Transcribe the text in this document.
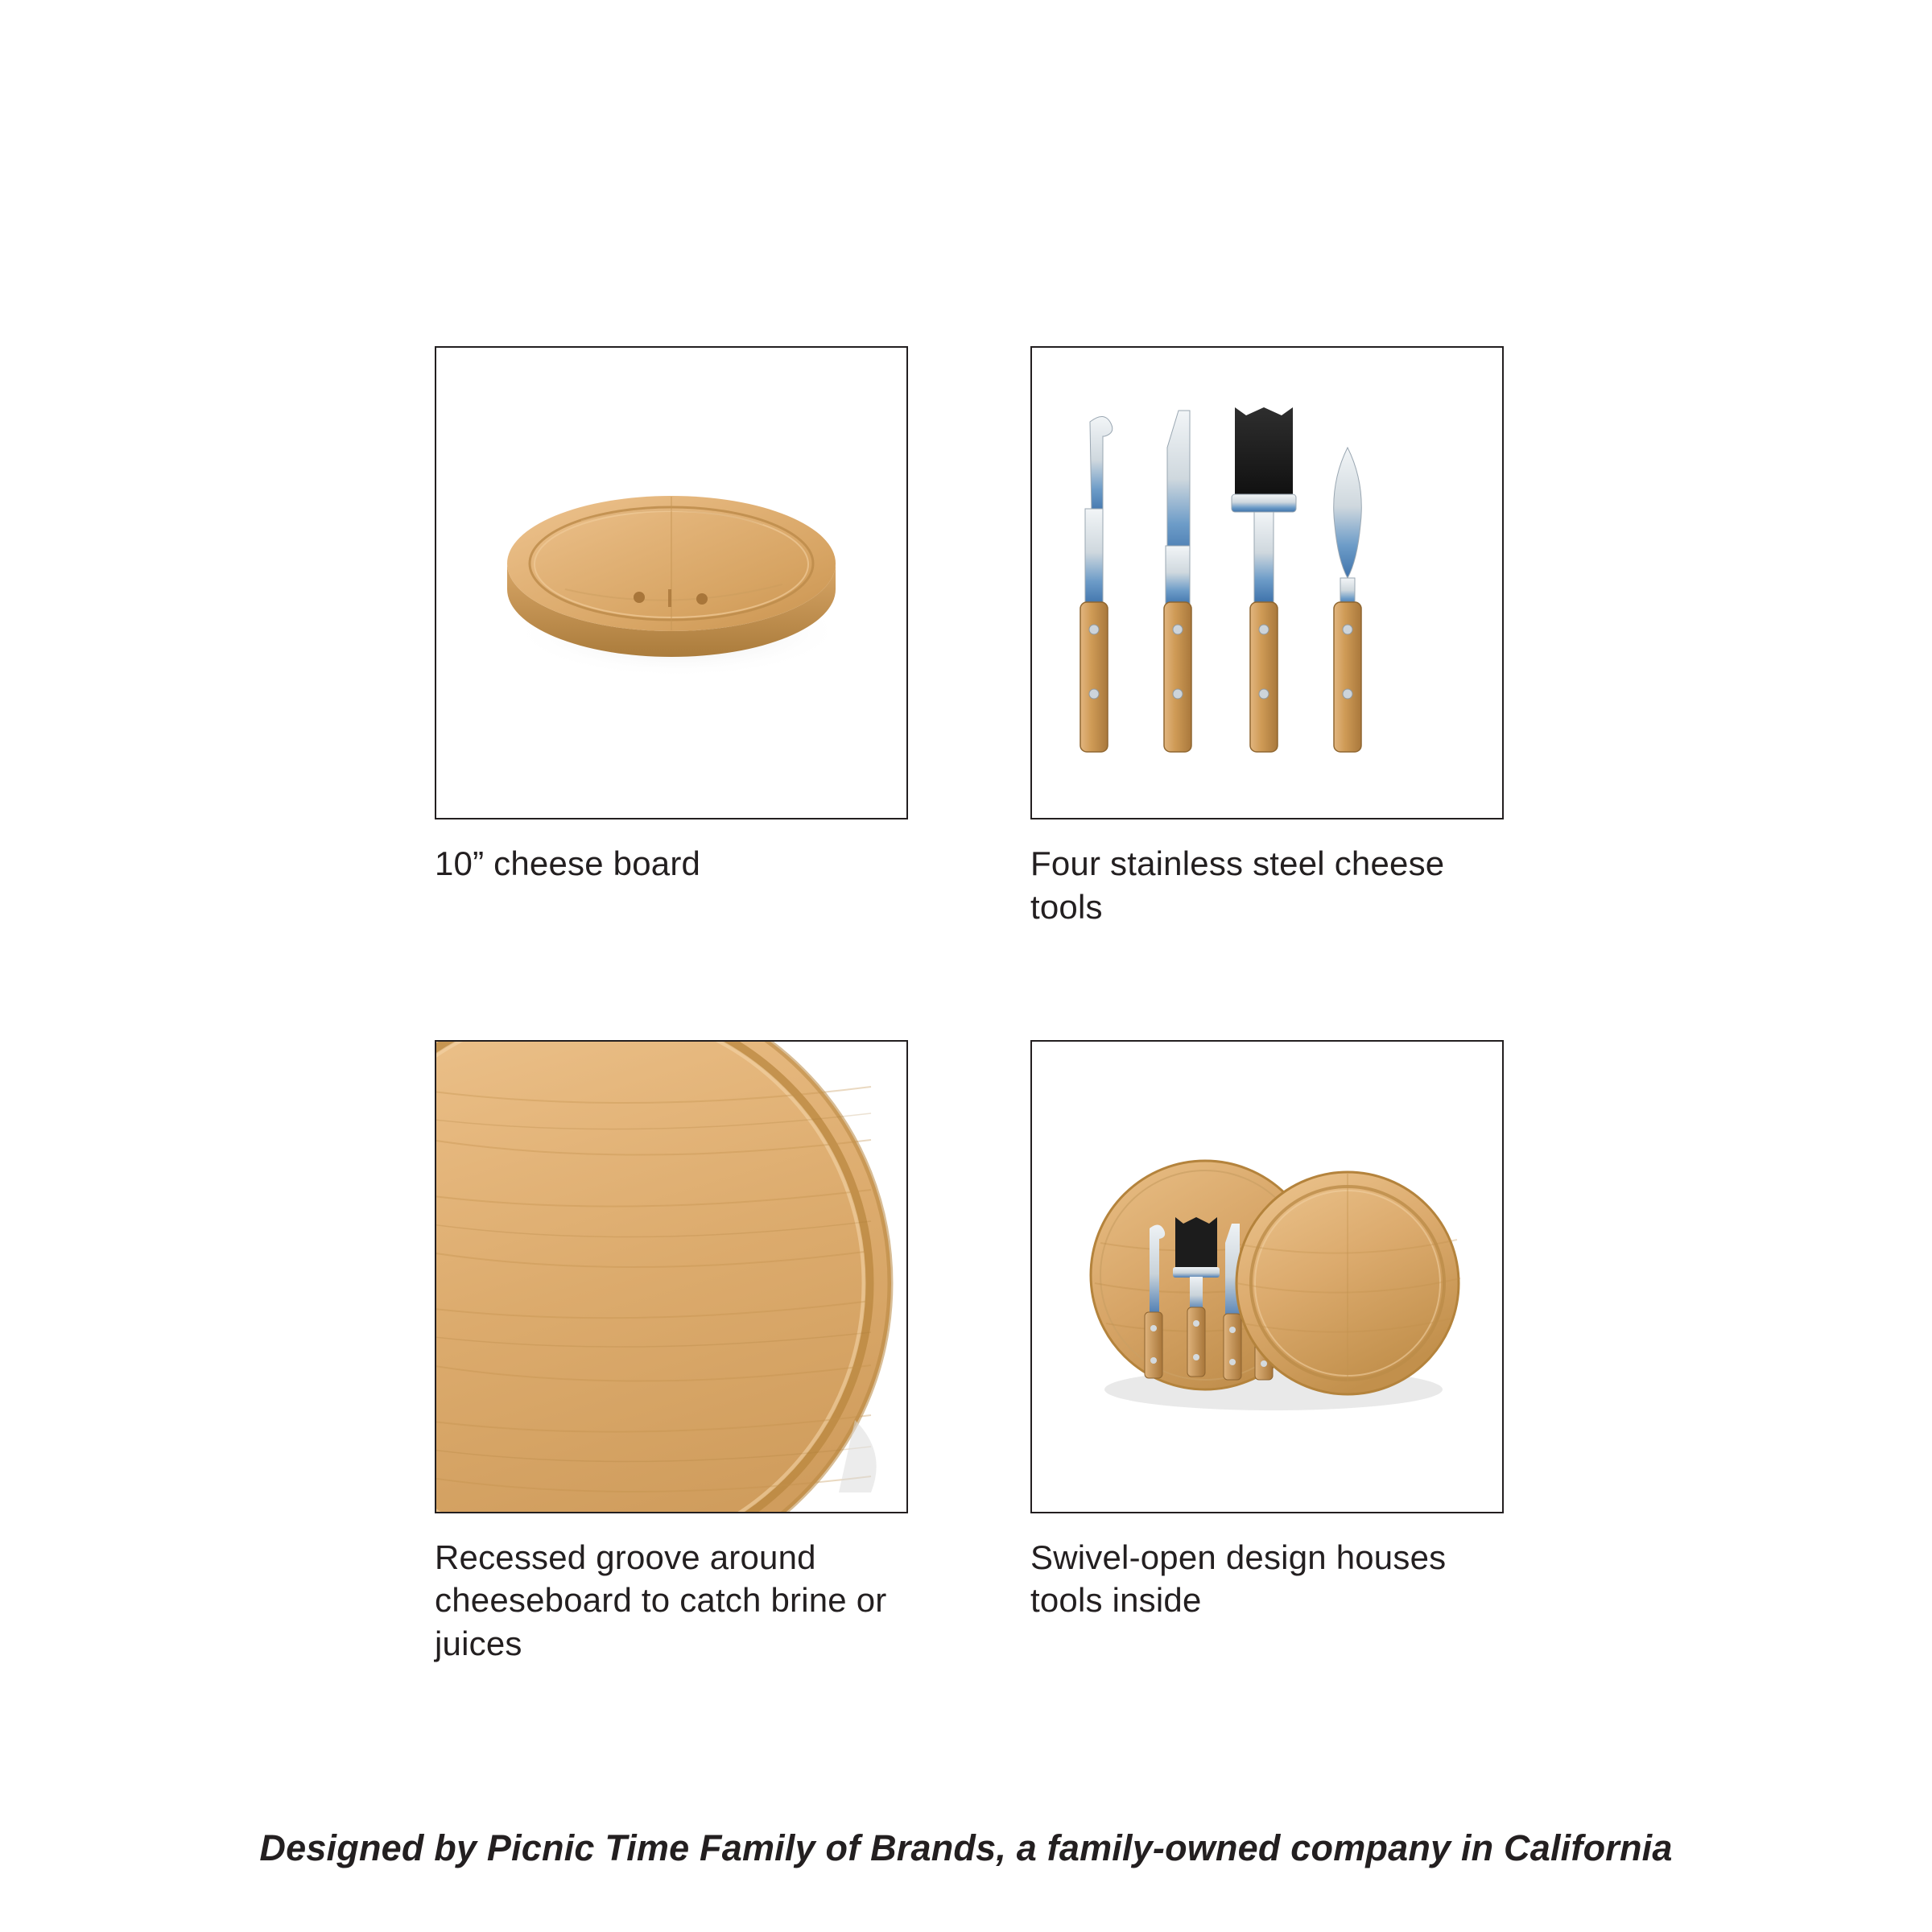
10” cheese board	Four stainless steel cheese tools
Recessed groove around cheeseboard to catch brine or juices
Swivel-open design houses tools inside
Designed by Picnic Time Family of Brands, a family-owned company in California
